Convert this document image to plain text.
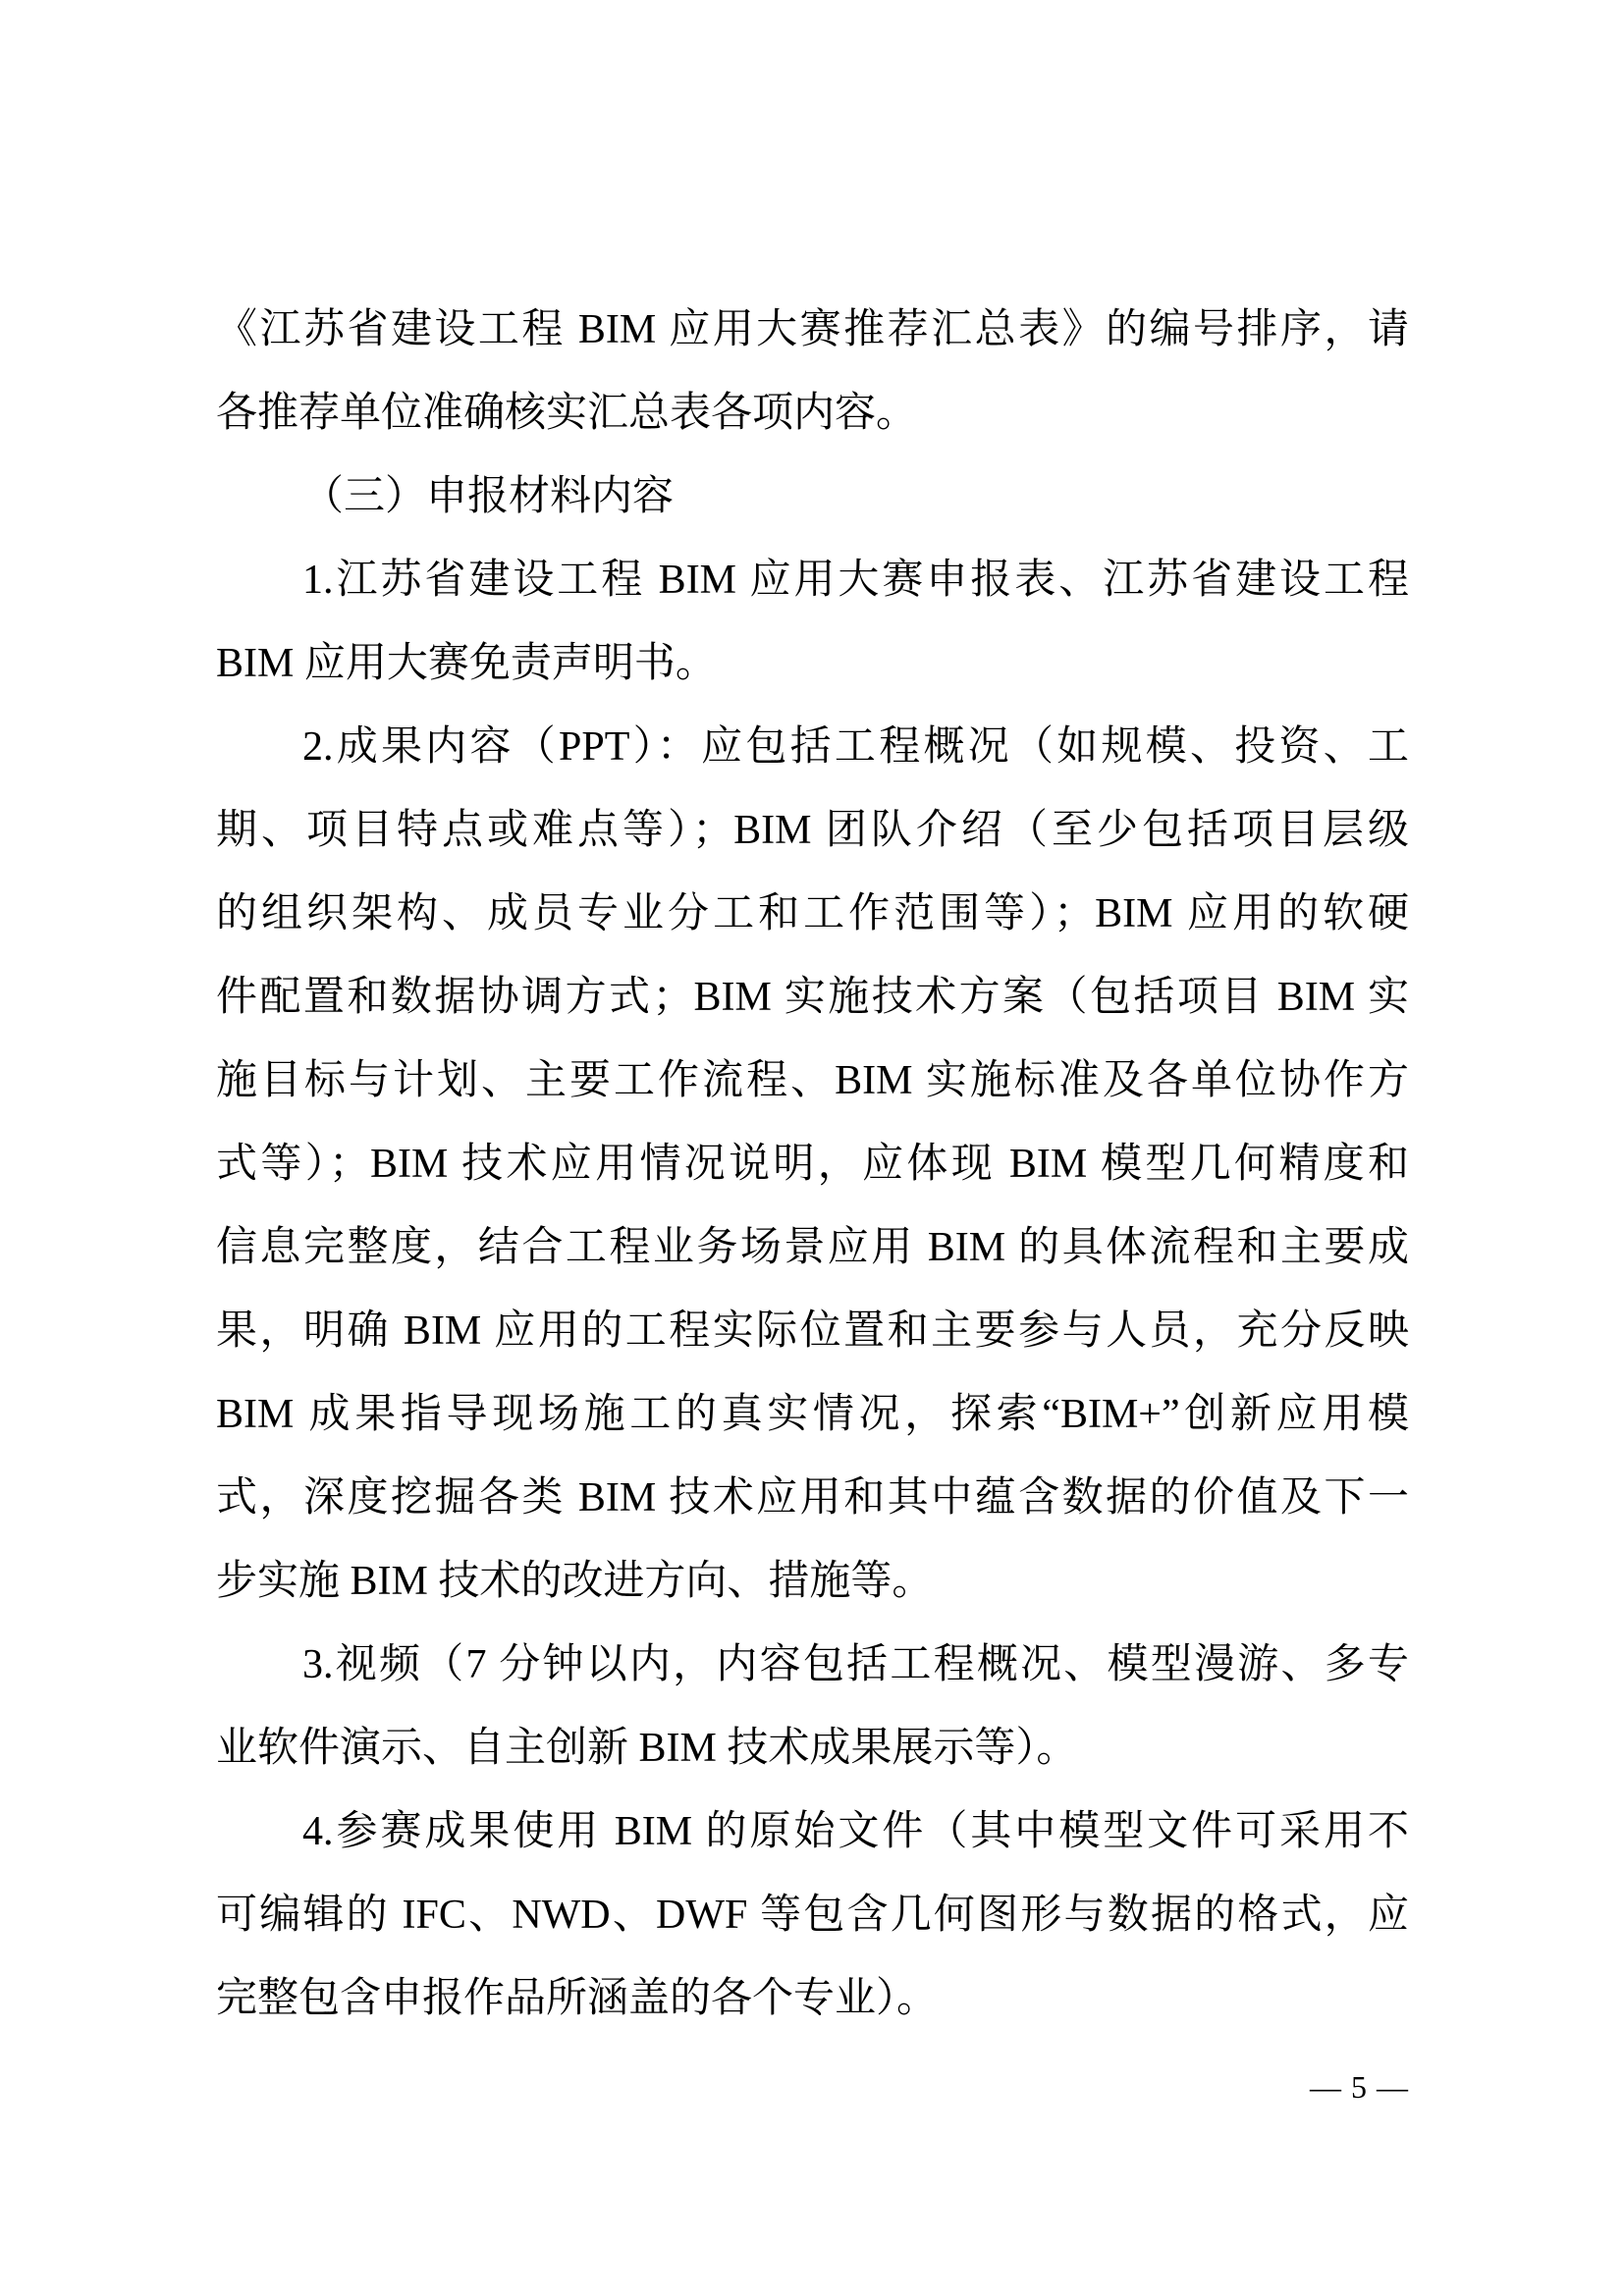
《江苏省建设工程 BIM 应用大赛推荐汇总表》的编号排序，请
各推荐单位准确核实汇总表各项内容。
（三）申报材料内容
1.江苏省建设工程 BIM 应用大赛申报表、江苏省建设工程
BIM 应用大赛免责声明书。
2.成果内容（PPT）：应包括工程概况（如规模、投资、工
期、项目特点或难点等）；BIM 团队介绍（至少包括项目层级
的组织架构、成员专业分工和工作范围等）；BIM 应用的软硬
件配置和数据协调方式；BIM 实施技术方案（包括项目 BIM 实
施目标与计划、主要工作流程、BIM 实施标准及各单位协作方
式等）；BIM 技术应用情况说明，应体现 BIM 模型几何精度和
信息完整度，结合工程业务场景应用 BIM 的具体流程和主要成
果，明确 BIM 应用的工程实际位置和主要参与人员，充分反映
BIM 成果指导现场施工的真实情况，探索“BIM+”创新应用模
式，深度挖掘各类 BIM 技术应用和其中蕴含数据的价值及下一
步实施 BIM 技术的改进方向、措施等。
3.视频（7 分钟以内，内容包括工程概况、模型漫游、多专
业软件演示、自主创新 BIM 技术成果展示等）。
4.参赛成果使用 BIM 的原始文件（其中模型文件可采用不
可编辑的 IFC、NWD、DWF 等包含几何图形与数据的格式，应
完整包含申报作品所涵盖的各个专业）。
— 5 —
